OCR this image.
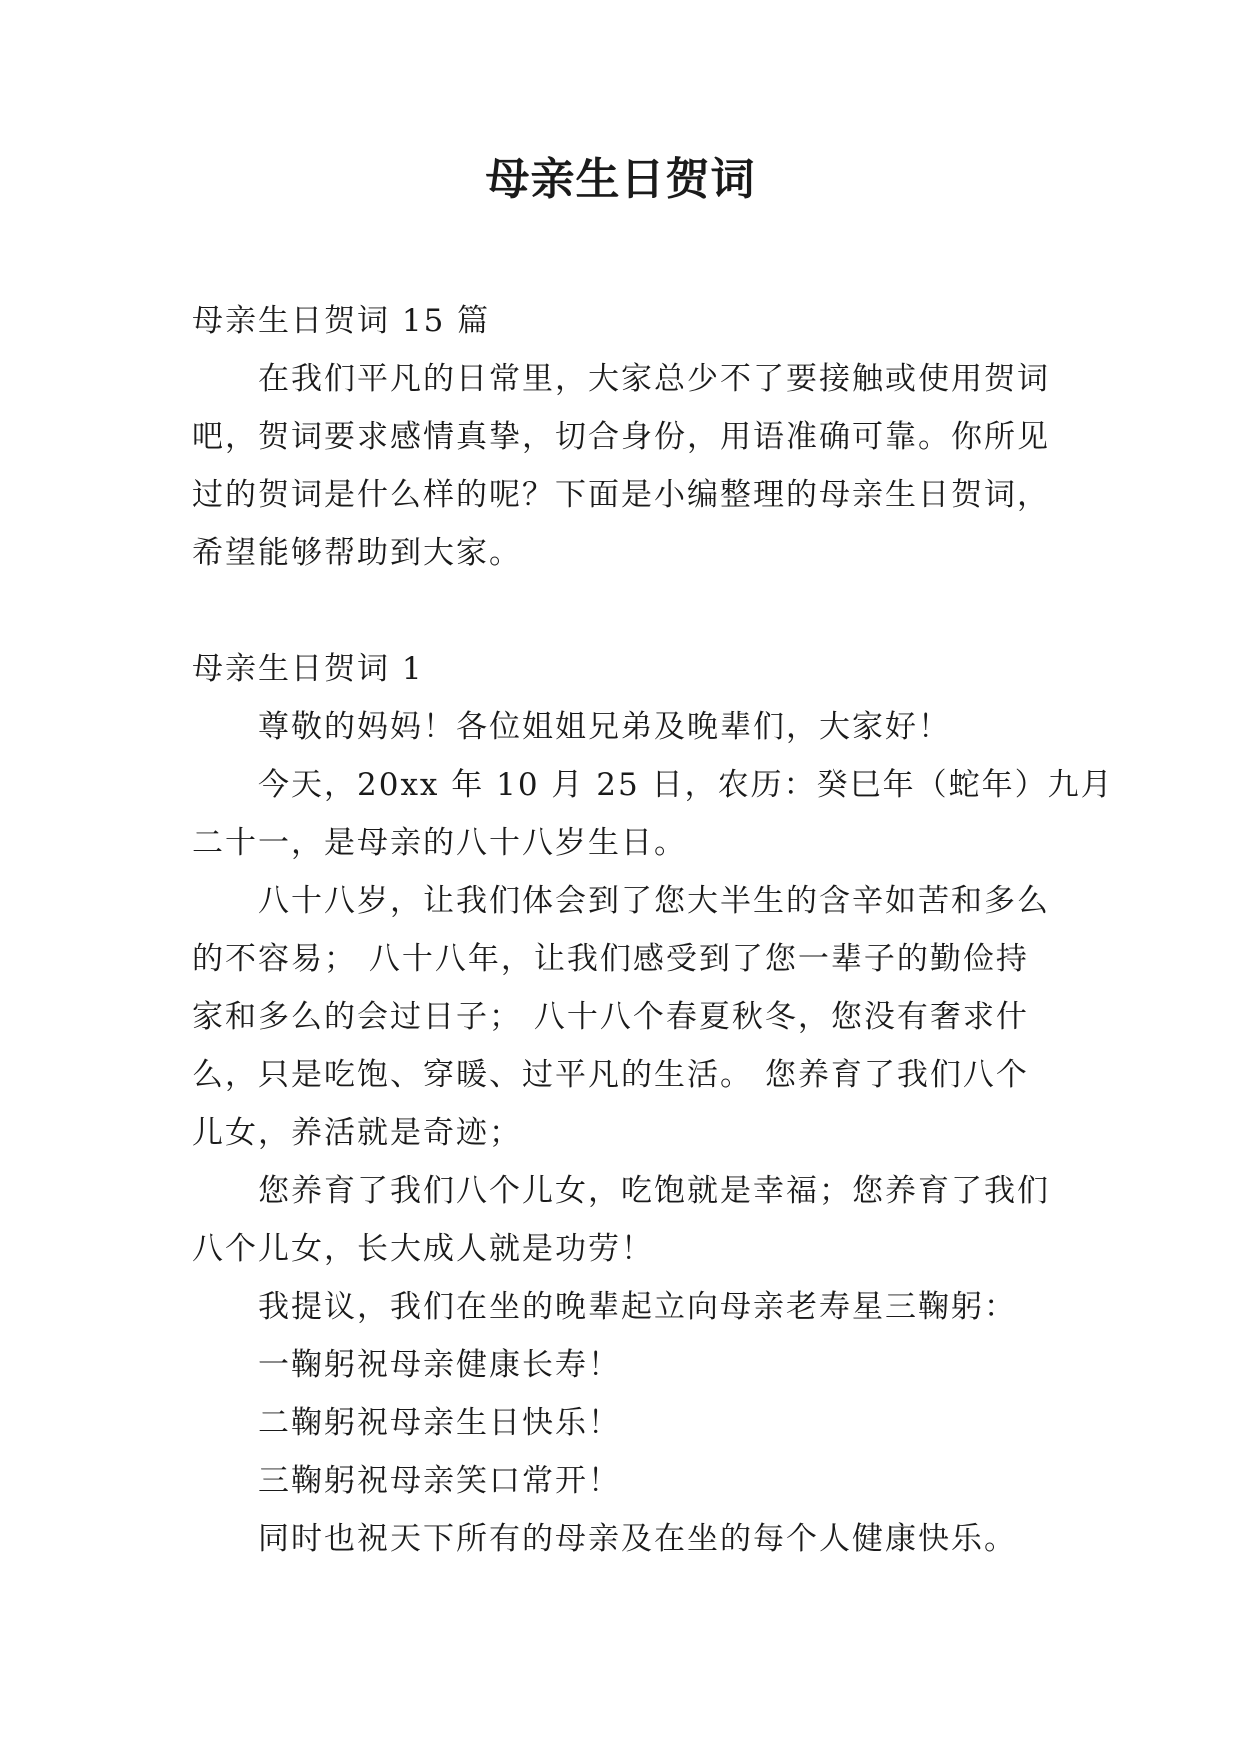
母亲生日贺词
母亲生日贺词 15 篇
在我们平凡的日常里，大家总少不了要接触或使用贺词
吧，贺词要求感情真挚，切合身份，用语准确可靠。你所见
过的贺词是什么样的呢？下面是小编整理的母亲生日贺词，
希望能够帮助到大家。
母亲生日贺词 1
尊敬的妈妈！各位姐姐兄弟及晚辈们，大家好！
今天，20xx 年 10 月 25 日，农历：癸巳年（蛇年）九月
二十一，是母亲的八十八岁生日。
八十八岁，让我们体会到了您大半生的含辛如苦和多么
的不容易； 八十八年，让我们感受到了您一辈子的勤俭持
家和多么的会过日子； 八十八个春夏秋冬，您没有奢求什
么，只是吃饱、穿暖、过平凡的生活。 您养育了我们八个
儿女，养活就是奇迹；
您养育了我们八个儿女，吃饱就是幸福；您养育了我们
八个儿女，长大成人就是功劳！
我提议，我们在坐的晚辈起立向母亲老寿星三鞠躬：
一鞠躬祝母亲健康长寿！
二鞠躬祝母亲生日快乐！
三鞠躬祝母亲笑口常开！
同时也祝天下所有的母亲及在坐的每个人健康快乐。
